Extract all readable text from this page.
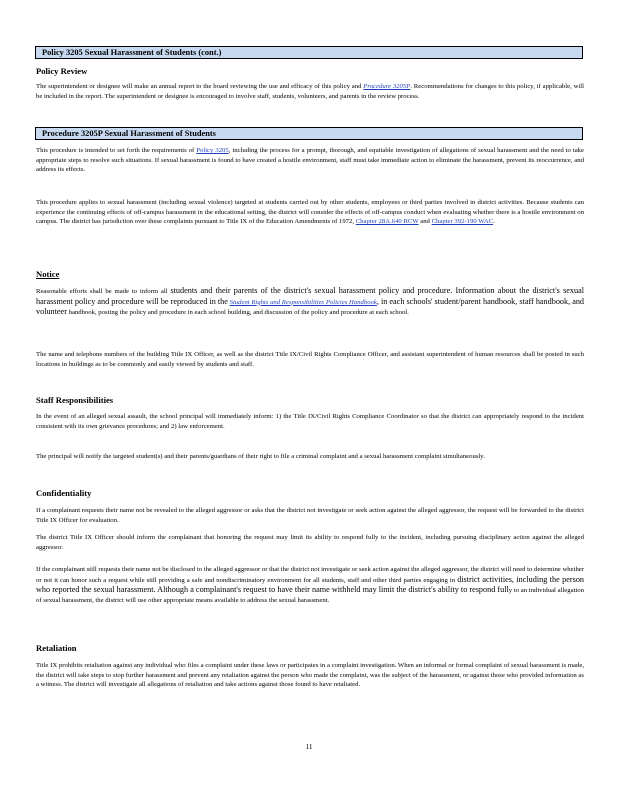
Policy 3205 Sexual Harassment of Students (cont.)
Policy Review

The superintendent or designee will make an annual report to the board reviewing the use and efficacy of this policy and Procedure 3205P. Recommendations for changes to this policy, if applicable, will be included in the report. The superintendent or designee is encouraged to involve staff, students, volunteers, and parents in the review process.

Procedure 3205P Sexual Harassment of Students

This procedure is intended to set forth the requirements of Policy 3205, including the process for a prompt, thorough, and equitable investigation of allegations of sexual harassment and the need to take appropriate steps to resolve such situations. If sexual harassment is found to have created a hostile environment, staff must take immediate action to eliminate the harassment, prevent its reoccurrence, and address its effects.

This procedure applies to sexual harassment (including sexual violence) targeted at students carried out by other students, employees or third parties involved in district activities. Because students can experience the continuing effects of off-campus harassment in the educational setting, the district will consider the effects of off-campus conduct when evaluating whether there is a hostile environment on campus. The district has jurisdiction over these complaints pursuant to Title IX of the Education Amendments of 1972, Chapter 28A.640 RCW and Chapter 392-190 WAC.

Notice

Reasonable efforts shall be made to inform all students and their parents of the district's sexual harassment policy and procedure. Information about the district's sexual harassment policy and procedure will be reproduced in the Student Rights and Responsibilities Policies Handbook, in each schools' student/parent handbook, staff handbook, and volunteer handbook, posting the policy and procedure in each school building, and discussion of the policy and procedure at each school.

The name and telephone numbers of the building Title IX Officer, as well as the district Title IX/Civil Rights Compliance Officer, and assistant superintendent of human resources shall be posted in such locations in buildings as to be commonly and easily viewed by students and staff.

Staff Responsibilities

In the event of an alleged sexual assault, the school principal will immediately inform: 1) the Title IX/Civil Rights Compliance Coordinator so that the district can appropriately respond to the incident consistent with its own grievance procedures; and 2) law enforcement.

The principal will notify the targeted student(s) and their parents/guardians of their right to file a criminal complaint and a sexual harassment complaint simultaneously.

Confidentiality

If a complainant requests their name not be revealed to the alleged aggressor or asks that the district not investigate or seek action against the alleged aggressor, the request will be forwarded to the district Title IX Officer for evaluation.

The district Title IX Officer should inform the complainant that honoring the request may limit its ability to respond fully to the incident, including pursuing disciplinary action against the alleged aggressor.

If the complainant still requests their name not be disclosed to the alleged aggressor or that the district not investigate or seek action against the alleged aggressor, the district will need to determine whether or not it can honor such a request while still providing a safe and nondiscriminatory environment for all students, staff and other third parties engaging in district activities, including the person who reported the sexual harassment. Although a complainant's request to have their name withheld may limit the district's ability to respond fully to an individual allegation of sexual harassment, the district will use other appropriate means available to address the sexual harassment.

Retaliation

Title IX prohibits retaliation against any individual who files a complaint under these laws or participates in a complaint investigation. When an informal or formal complaint of sexual harassment is made, the district will take steps to stop further harassment and prevent any retaliation against the person who made the complaint, was the subject of the harassment, or against those who provided information as a witness. The district will investigate all allegations of retaliation and take actions against those found to have retaliated.

11
